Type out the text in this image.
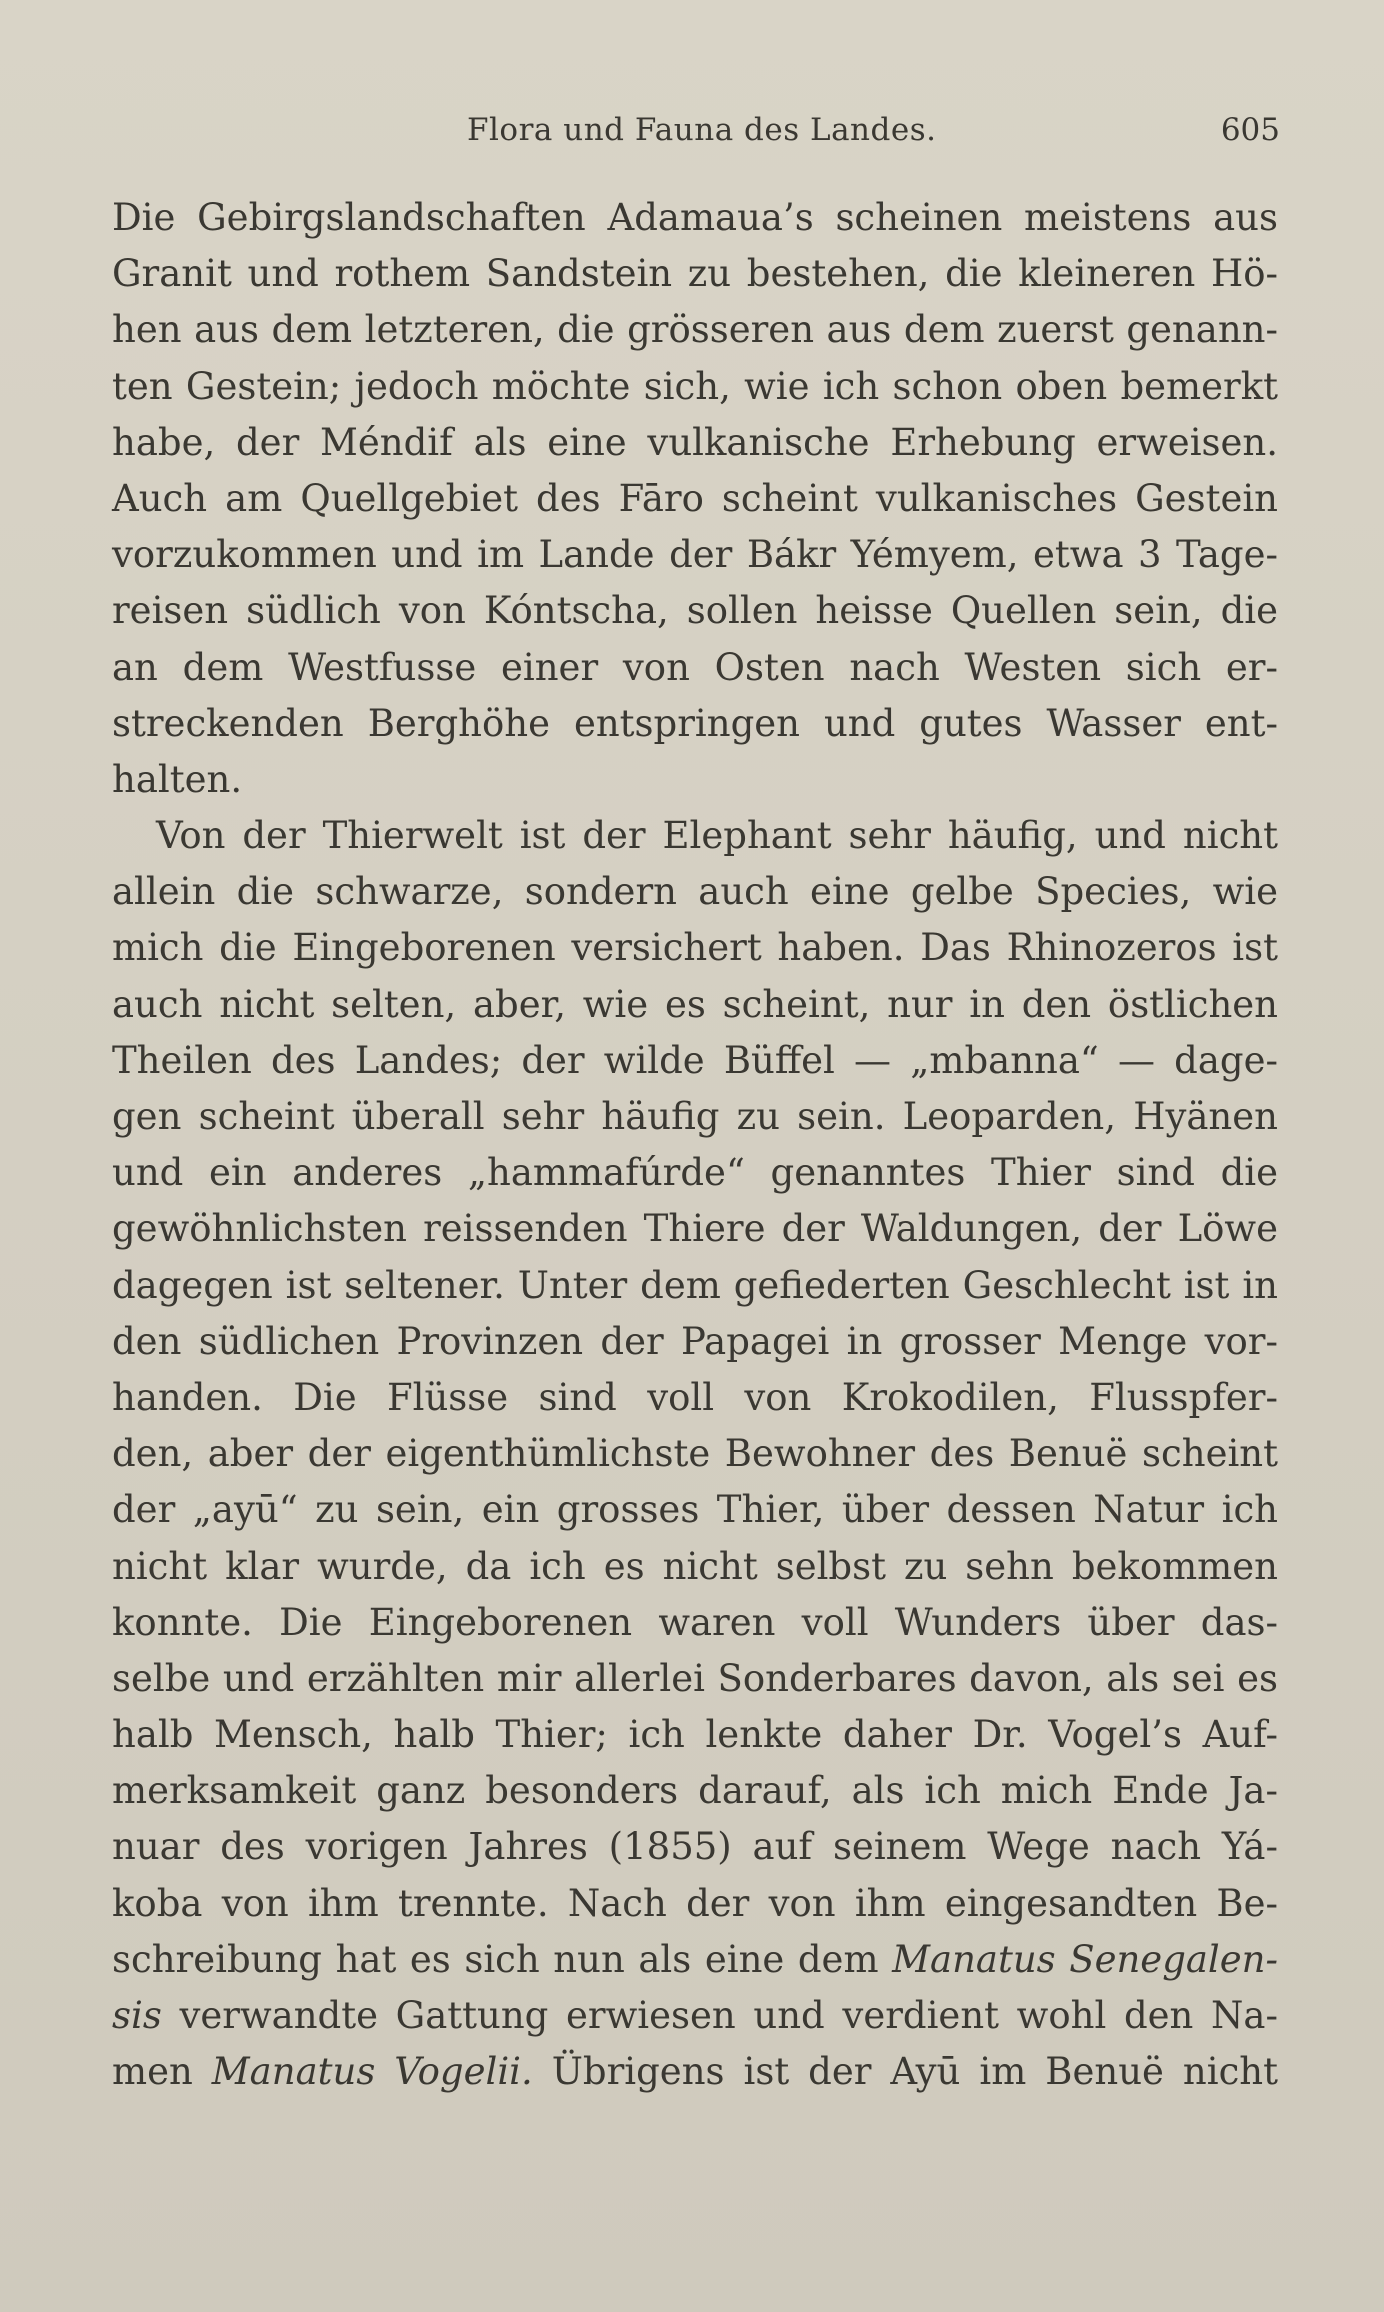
Flora und Fauna des Landes.	605
Die Gebirgslandschaften Adamaua’s scheinen meistens aus
Granit und rothem Sandstein zu bestehen, die kleineren Hö-
hen aus dem letzteren, die grösseren aus dem zuerst genann-
ten Gestein; jedoch möchte sich, wie ich schon oben bemerkt
habe, der Méndif als eine vulkanische Erhebung erweisen.
Auch am Quellgebiet des Fāro scheint vulkanisches Gestein
vorzukommen und im Lande der Bákr Yémyem, etwa 3 Tage-
reisen südlich von Kóntscha, sollen heisse Quellen sein, die
an dem Westfusse einer von Osten nach Westen sich er-
streckenden Berghöhe entspringen und gutes Wasser ent-
halten.
Von der Thierwelt ist der Elephant sehr häufig, und nicht
allein die schwarze, sondern auch eine gelbe Species, wie
mich die Eingeborenen versichert haben. Das Rhinozeros ist
auch nicht selten, aber, wie es scheint, nur in den östlichen
Theilen des Landes; der wilde Büffel — „mbanna“ — dage-
gen scheint überall sehr häufig zu sein. Leoparden, Hyänen
und ein anderes „hammafúrde“ genanntes Thier sind die
gewöhnlichsten reissenden Thiere der Waldungen, der Löwe
dagegen ist seltener. Unter dem gefiederten Geschlecht ist in
den südlichen Provinzen der Papagei in grosser Menge vor-
handen. Die Flüsse sind voll von Krokodilen, Flusspfer-
den, aber der eigenthümlichste Bewohner des Benuë scheint
der „ayū“ zu sein, ein grosses Thier, über dessen Natur ich
nicht klar wurde, da ich es nicht selbst zu sehn bekommen
konnte. Die Eingeborenen waren voll Wunders über das-
selbe und erzählten mir allerlei Sonderbares davon, als sei es
halb Mensch, halb Thier; ich lenkte daher Dr. Vogel’s Auf-
merksamkeit ganz besonders darauf, als ich mich Ende Ja-
nuar des vorigen Jahres (1855) auf seinem Wege nach Yá-
koba von ihm trennte. Nach der von ihm eingesandten Be-
schreibung hat es sich nun als eine dem Manatus Senegalen-
sis verwandte Gattung erwiesen und verdient wohl den Na-
men Manatus Vogelii. Übrigens ist der Ayū im Benuë nicht
